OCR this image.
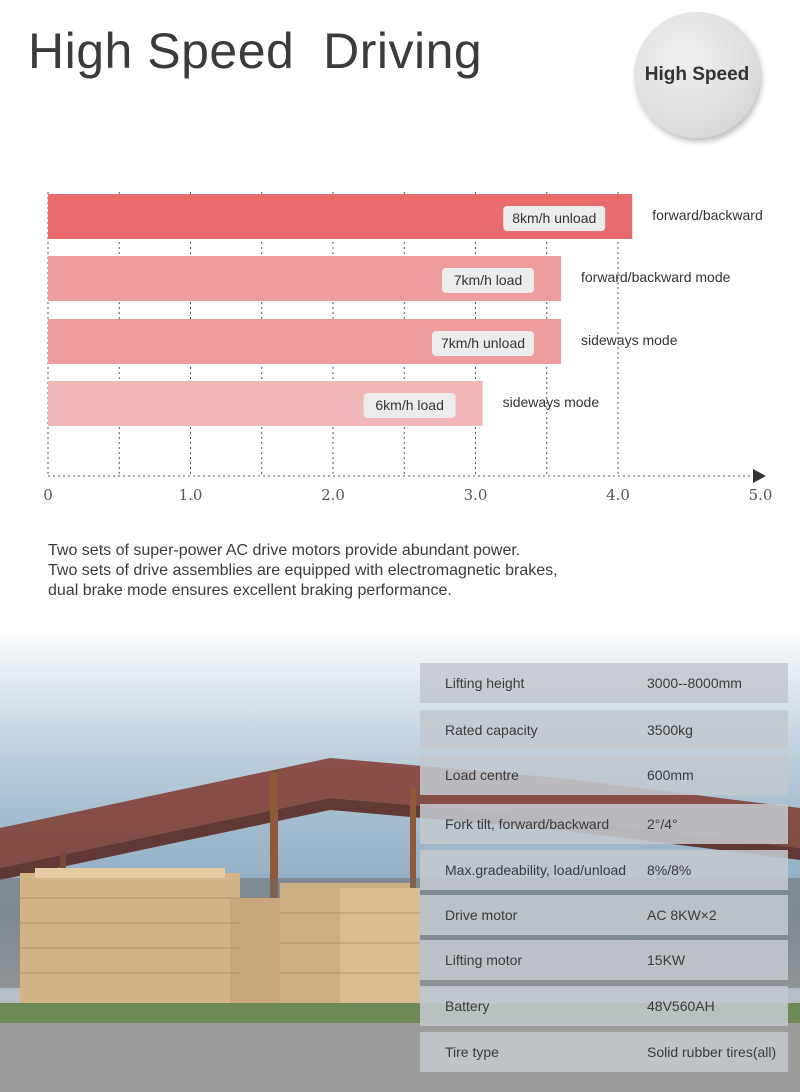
High Speed  Driving	High Speed
0	1.0	2.0	3.0	4.0	5.0
8km/h unload	forward/backward
7km/h load	forward/backward mode
7km/h unload	sideways mode
6km/h load	sideways mode
Two sets of super-power AC drive motors provide abundant power.
Two sets of drive assemblies are equipped with electromagnetic brakes,
dual brake mode ensures excellent braking performance.
Lifting height	3000--8000mm
Rated capacity	3500kg
Load centre	600mm
Fork tilt, forward/backward	2°/4°
Max.gradeability, load/unload 8%/8%
Drive motor	AC 8KW×2
Lifting motor	15KW
Battery	48V560AH
Tire type	Solid rubber tires(all)
